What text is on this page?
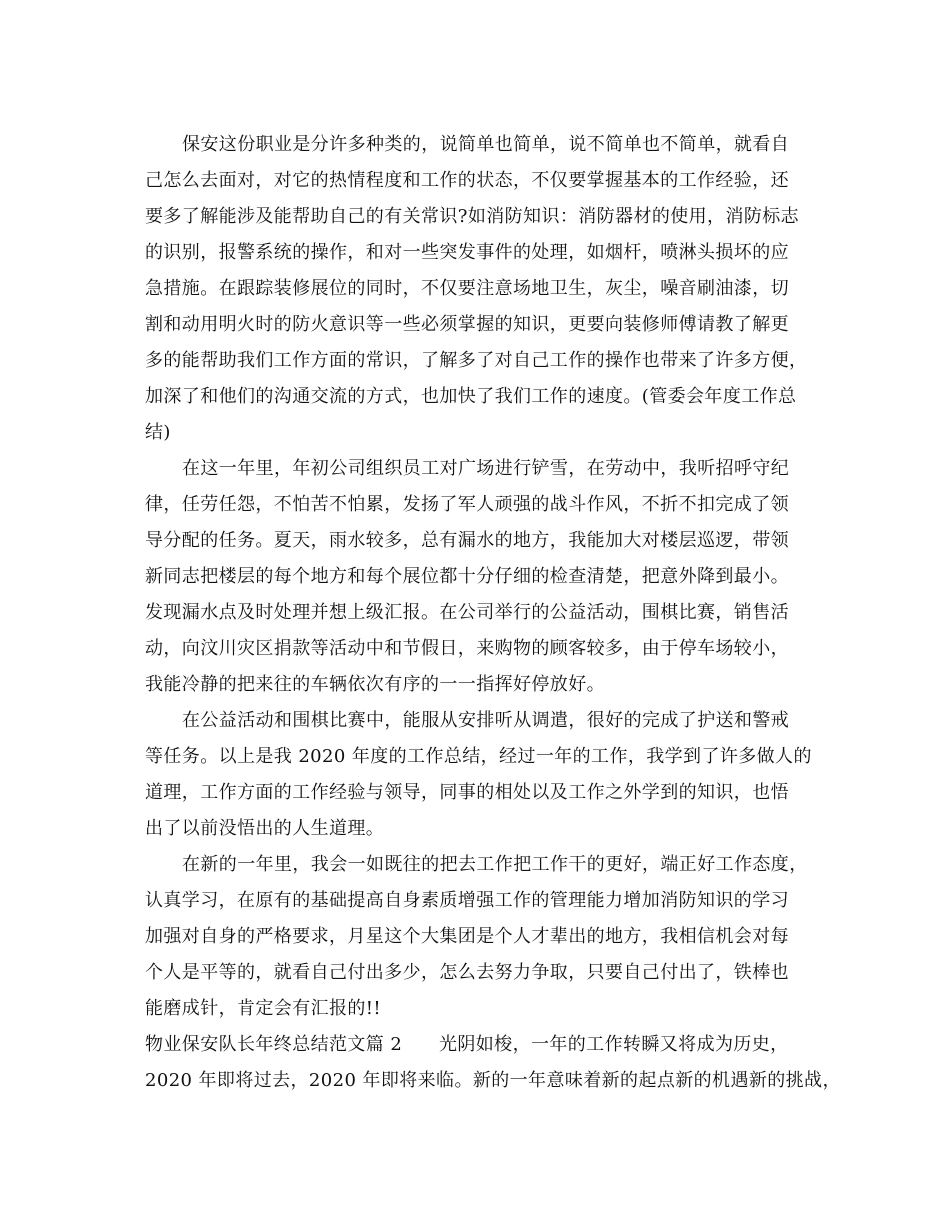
保安这份职业是分许多种类的，说简单也简单，说不简单也不简单，就看自
己怎么去面对，对它的热情程度和工作的状态，不仅要掌握基本的工作经验，还
要多了解能涉及能帮助自己的有关常识?如消防知识：消防器材的使用，消防标志
的识别，报警系统的操作，和对一些突发事件的处理，如烟杆，喷淋头损坏的应
急措施。在跟踪装修展位的同时，不仅要注意场地卫生，灰尘，噪音刷油漆，切
割和动用明火时的防火意识等一些必须掌握的知识，更要向装修师傅请教了解更
多的能帮助我们工作方面的常识，了解多了对自己工作的操作也带来了许多方便，
加深了和他们的沟通交流的方式，也加快了我们工作的速度。(管委会年度工作总
结)
在这一年里，年初公司组织员工对广场进行铲雪，在劳动中，我听招呼守纪
律，任劳任怨，不怕苦不怕累，发扬了军人顽强的战斗作风，不折不扣完成了领
导分配的任务。夏天，雨水较多，总有漏水的地方，我能加大对楼层巡逻，带领
新同志把楼层的每个地方和每个展位都十分仔细的检查清楚，把意外降到最小。
发现漏水点及时处理并想上级汇报。在公司举行的公益活动，围棋比赛，销售活
动，向汶川灾区捐款等活动中和节假日，来购物的顾客较多，由于停车场较小，
我能冷静的把来往的车辆依次有序的一一指挥好停放好。
在公益活动和围棋比赛中，能服从安排听从调遣，很好的完成了护送和警戒
等任务。以上是我 2020 年度的工作总结，经过一年的工作，我学到了许多做人的
道理，工作方面的工作经验与领导，同事的相处以及工作之外学到的知识，也悟
出了以前没悟出的人生道理。
在新的一年里，我会一如既往的把去工作把工作干的更好，端正好工作态度，
认真学习，在原有的基础提高自身素质增强工作的管理能力增加消防知识的学习
加强对自身的严格要求，月星这个大集团是个人才辈出的地方，我相信机会对每
个人是平等的，就看自己付出多少，怎么去努力争取，只要自己付出了，铁棒也
能磨成针，肯定会有汇报的!!
物业保安队长年终总结范文篇 2　　光阴如梭，一年的工作转瞬又将成为历史，
2020 年即将过去，2020 年即将来临。新的一年意味着新的起点新的机遇新的挑战，
